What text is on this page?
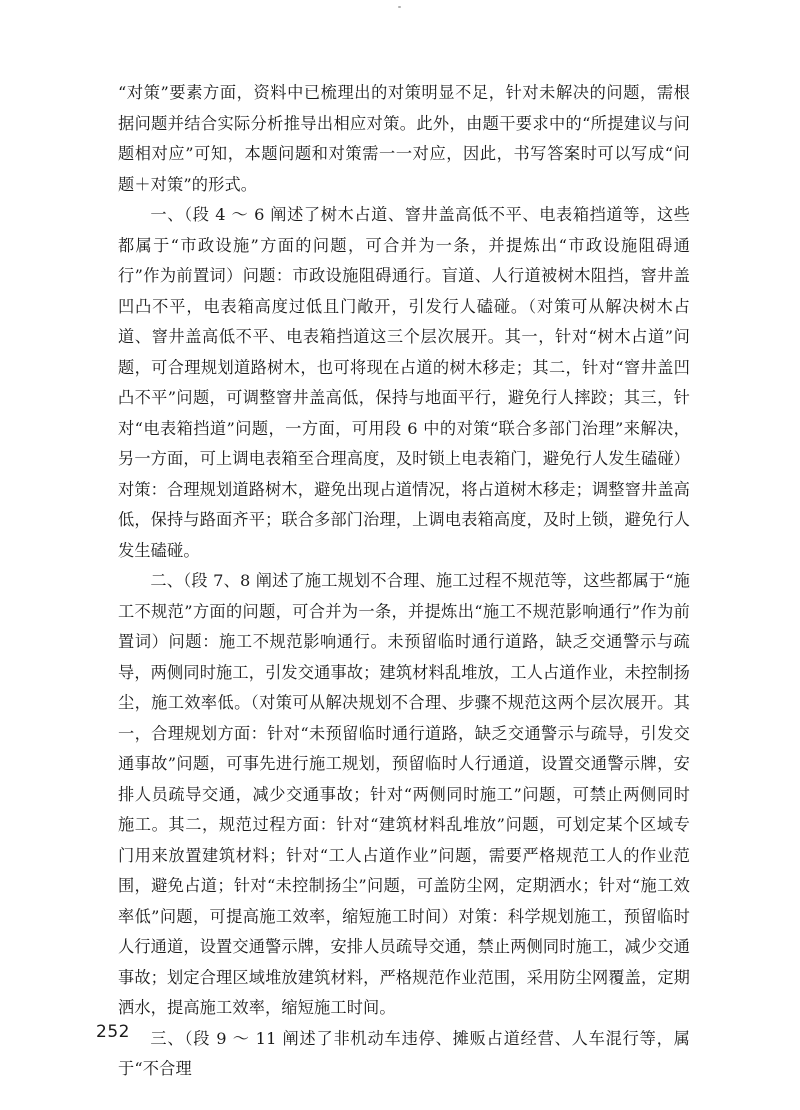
“对策”要素方面，资料中已梳理出的对策明显不足，针对未解决的问题，需根据问题并结合实际分析推导出相应对策。此外，由题干要求中的“所提建议与问题相对应”可知，本题问题和对策需一一对应，因此，书写答案时可以写成“问题＋对策”的形式。

一、（段 4 ～ 6 阐述了树木占道、窨井盖高低不平、电表箱挡道等，这些都属于“市政设施”方面的问题，可合并为一条，并提炼出“市政设施阻碍通行”作为前置词）问题：市政设施阻碍通行。盲道、人行道被树木阻挡，窨井盖凹凸不平，电表箱高度过低且门敞开，引发行人磕碰。（对策可从解决树木占道、窨井盖高低不平、电表箱挡道这三个层次展开。其一，针对“树木占道”问题，可合理规划道路树木，也可将现在占道的树木移走；其二，针对“窨井盖凹凸不平”问题，可调整窨井盖高低，保持与地面平行，避免行人摔跤；其三，针对“电表箱挡道”问题，一方面，可用段 6 中的对策“联合多部门治理”来解决，另一方面，可上调电表箱至合理高度，及时锁上电表箱门，避免行人发生磕碰）对策：合理规划道路树木，避免出现占道情况，将占道树木移走；调整窨井盖高低，保持与路面齐平；联合多部门治理，上调电表箱高度，及时上锁，避免行人发生磕碰。

二、（段 7、8 阐述了施工规划不合理、施工过程不规范等，这些都属于“施工不规范”方面的问题，可合并为一条，并提炼出“施工不规范影响通行”作为前置词）问题：施工不规范影响通行。未预留临时通行道路，缺乏交通警示与疏导，两侧同时施工，引发交通事故；建筑材料乱堆放，工人占道作业，未控制扬尘，施工效率低。（对策可从解决规划不合理、步骤不规范这两个层次展开。其一，合理规划方面：针对“未预留临时通行道路，缺乏交通警示与疏导，引发交通事故”问题，可事先进行施工规划，预留临时人行通道，设置交通警示牌，安排人员疏导交通，减少交通事故；针对“两侧同时施工”问题，可禁止两侧同时施工。其二，规范过程方面：针对“建筑材料乱堆放”问题，可划定某个区域专门用来放置建筑材料；针对“工人占道作业”问题，需要严格规范工人的作业范围，避免占道；针对“未控制扬尘”问题，可盖防尘网，定期洒水；针对“施工效率低”问题，可提高施工效率，缩短施工时间）对策：科学规划施工，预留临时人行通道，设置交通警示牌，安排人员疏导交通，禁止两侧同时施工，减少交通事故；划定合理区域堆放建筑材料，严格规范作业范围，采用防尘网覆盖，定期洒水，提高施工效率，缩短施工时间。

三、（段 9 ～ 11 阐述了非机动车违停、摊贩占道经营、人车混行等，属于“不合理

252
